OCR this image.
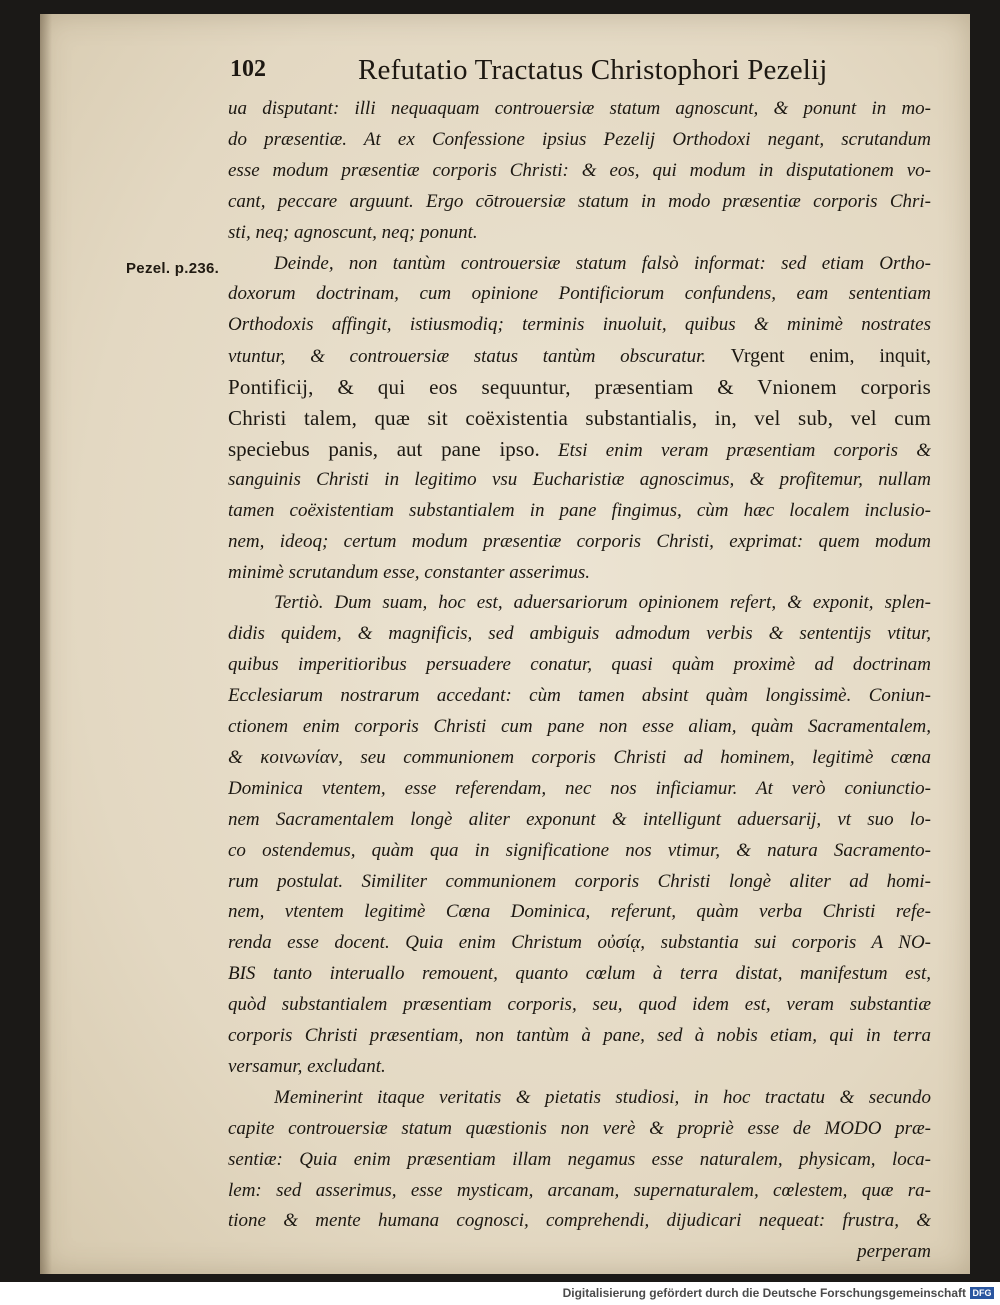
102	Refutatio Tractatus Christophori Pezelij
Pezel. p.236.
ua disputant: illi nequaquam controuersiæ statum agnoscunt, & ponunt in mo-
do præsentiæ. At ex Confessione ipsius Pezelij Orthodoxi negant, scrutandum
esse modum præsentiæ corporis Christi: & eos, qui modum in disputationem vo-
cant, peccare arguunt. Ergo cōtrouersiæ statum in modo præsentiæ corporis Chri-
sti, neq; agnoscunt, neq; ponunt.
Deinde, non tantùm controuersiæ statum falsò informat: sed etiam Ortho-
doxorum doctrinam, cum opinione Pontificiorum confundens, eam sententiam
Orthodoxis affingit, istiusmodiq; terminis inuoluit, quibus & minimè nostrates
vtuntur, & controuersiæ status tantùm obscuratur. Vrgent enim, inquit,
Pontificij, & qui eos sequuntur, præsentiam & Vnionem corporis
Christi talem, quæ sit coëxistentia substantialis, in, vel sub, vel cum
speciebus panis, aut pane ipso. Etsi enim veram præsentiam corporis &
sanguinis Christi in legitimo vsu Eucharistiæ agnoscimus, & profitemur, nullam
tamen coëxistentiam substantialem in pane fingimus, cùm hæc localem inclusio-
nem, ideoq; certum modum præsentiæ corporis Christi, exprimat: quem modum
minimè scrutandum esse, constanter asserimus.
Tertiò. Dum suam, hoc est, aduersariorum opinionem refert, & exponit, splen-
didis quidem, & magnificis, sed ambiguis admodum verbis & sententijs vtitur,
quibus imperitioribus persuadere conatur, quasi quàm proximè ad doctrinam
Ecclesiarum nostrarum accedant: cùm tamen absint quàm longissimè. Coniun-
ctionem enim corporis Christi cum pane non esse aliam, quàm Sacramentalem,
& κοινωνίαν, seu communionem corporis Christi ad hominem, legitimè cœna
Dominica vtentem, esse referendam, nec nos inficiamur. At verò coniunctio-
nem Sacramentalem longè aliter exponunt & intelligunt aduersarij, vt suo lo-
co ostendemus, quàm qua in significatione nos vtimur, & natura Sacramento-
rum postulat. Similiter communionem corporis Christi longè aliter ad homi-
nem, vtentem legitimè Cœna Dominica, referunt, quàm verba Christi refe-
renda esse docent. Quia enim Christum οὐσίᾳ, substantia sui corporis A NO-
BIS tanto interuallo remouent, quanto cœlum à terra distat, manifestum est,
quòd substantialem præsentiam corporis, seu, quod idem est, veram substantiæ
corporis Christi præsentiam, non tantùm à pane, sed à nobis etiam, qui in terra
versamur, excludant.
Meminerint itaque veritatis & pietatis studiosi, in hoc tractatu & secundo
capite controuersiæ statum quæstionis non verè & propriè esse de MODO præ-
sentiæ: Quia enim præsentiam illam negamus esse naturalem, physicam, loca-
lem: sed asserimus, esse mysticam, arcanam, supernaturalem, cœlestem, quæ ra-
tione & mente humana cognosci, comprehendi, dijudicari nequeat: frustra, &
perperam
Digitalisierung gefördert durch die Deutsche Forschungsgemeinschaft DFG
